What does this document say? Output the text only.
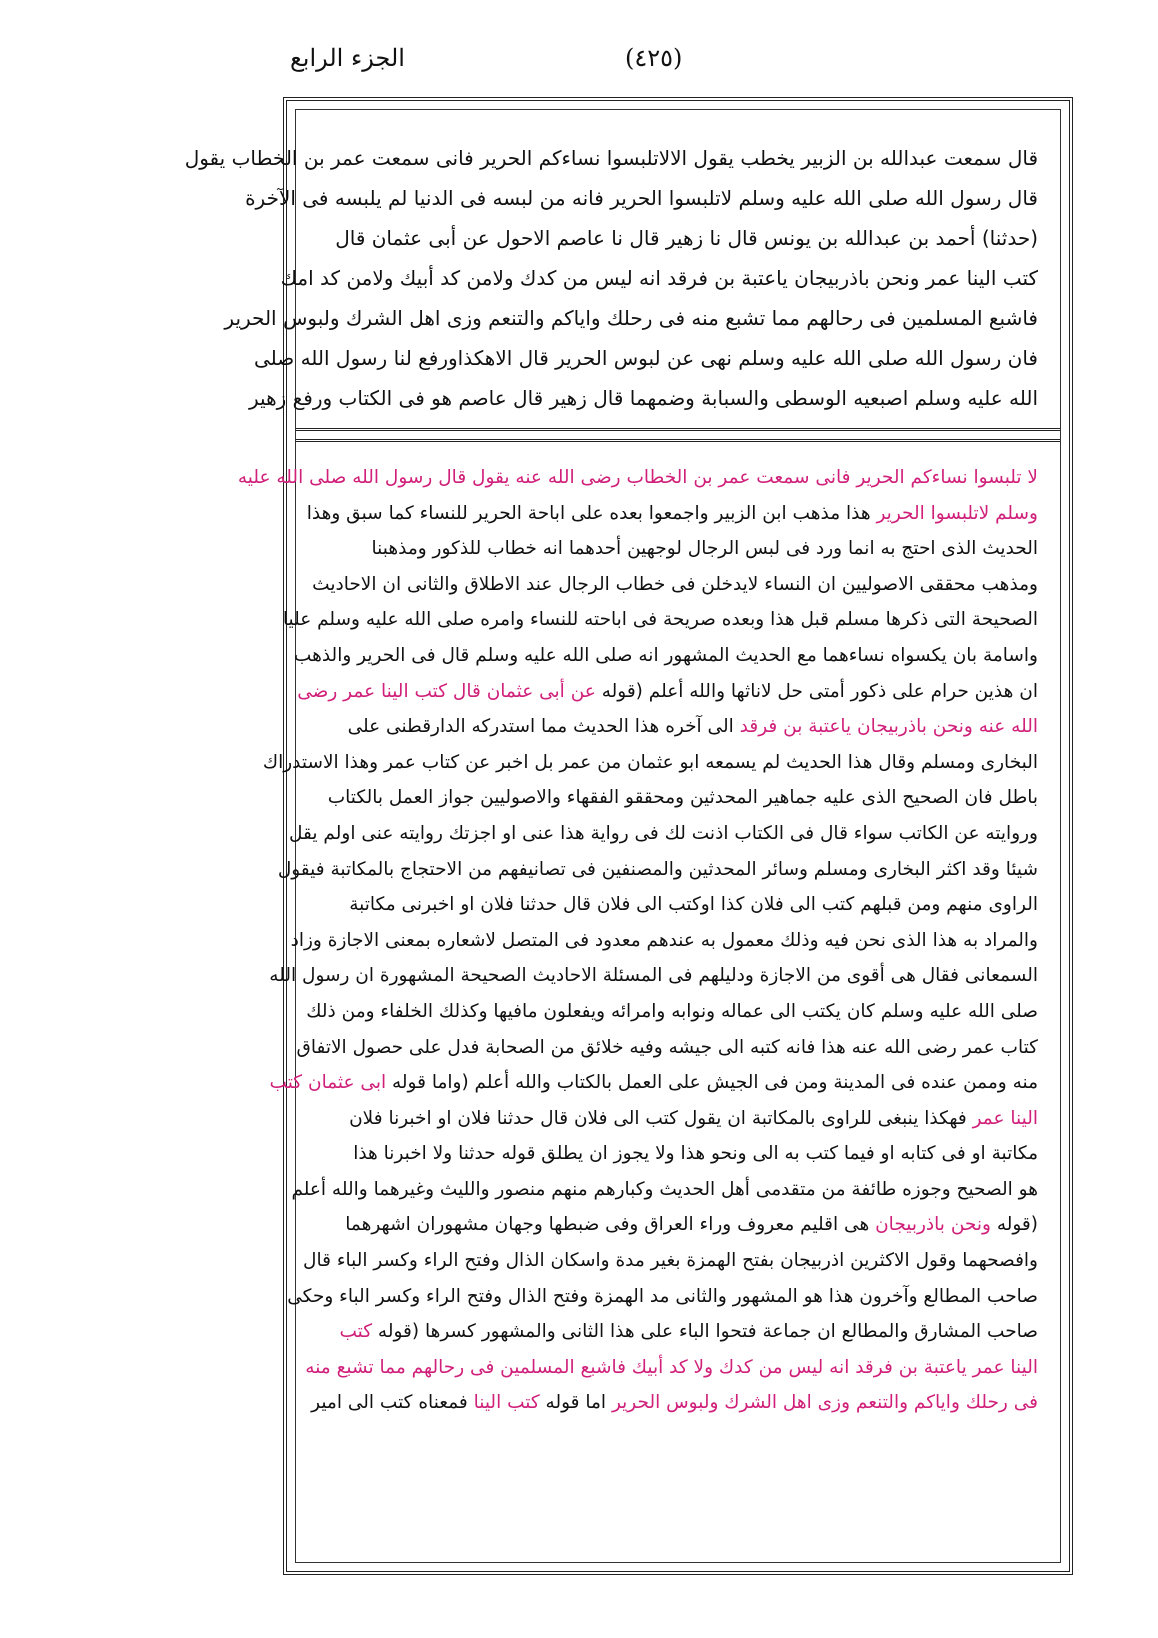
الجزء الرابع	(٤٢٥)
قال سمعت عبدالله بن الزبير يخطب يقول الالاتلبسوا نساءكم الحرير فانى سمعت عمر بن الخطاب يقول
قال رسول الله صلى الله عليه وسلم لاتلبسوا الحرير فانه من لبسه فى الدنيا لم يلبسه فى الآخرة
(حدثنا) أحمد بن عبدالله بن يونس قال نا زهير قال نا عاصم الاحول عن أبى عثمان قال
كتب الينا عمر ونحن باذربيجان ياعتبة بن فرقد انه ليس من كدك ولامن كد أبيك ولامن كد امك
فاشبع المسلمين فى رحالهم مما تشبع منه فى رحلك واياكم والتنعم وزى اهل الشرك ولبوس الحرير
فان رسول الله صلى الله عليه وسلم نهى عن لبوس الحرير قال الاهكذاورفع لنا رسول الله صلى
الله عليه وسلم اصبعيه الوسطى والسبابة وضمهما قال زهير قال عاصم هو فى الكتاب ورفع زهير
لا تلبسوا نساءكم الحرير فانى سمعت عمر بن الخطاب رضى الله عنه يقول قال رسول الله صلى الله عليه
وسلم لاتلبسوا الحرير هذا مذهب ابن الزبير واجمعوا بعده على اباحة الحرير للنساء كما سبق وهذا
الحديث الذى احتج به انما ورد فى لبس الرجال لوجهين أحدهما انه خطاب للذكور ومذهبنا
ومذهب محققى الاصوليين ان النساء لايدخلن فى خطاب الرجال عند الاطلاق والثانى ان الاحاديث
الصحيحة التى ذكرها مسلم قبل هذا وبعده صريحة فى اباحته للنساء وامره صلى الله عليه وسلم عليا
واسامة بان يكسواه نساءهما مع الحديث المشهور انه صلى الله عليه وسلم قال فى الحرير والذهب
ان هذين حرام على ذكور أمتى حل لاناثها والله أعلم (قوله عن أبى عثمان قال كتب الينا عمر رضى
الله عنه ونحن باذربيجان ياعتبة بن فرقد الى آخره هذا الحديث مما استدركه الدارقطنى على
البخارى ومسلم وقال هذا الحديث لم يسمعه ابو عثمان من عمر بل اخبر عن كتاب عمر وهذا الاستدراك
باطل فان الصحيح الذى عليه جماهير المحدثين ومحققو الفقهاء والاصوليين جواز العمل بالكتاب
وروايته عن الكاتب سواء قال فى الكتاب اذنت لك فى رواية هذا عنى او اجزتك روايته عنى اولم يقل
شيئا وقد اكثر البخارى ومسلم وسائر المحدثين والمصنفين فى تصانيفهم من الاحتجاج بالمكاتبة فيقول
الراوى منهم ومن قبلهم كتب الى فلان كذا اوكتب الى فلان قال حدثنا فلان او اخبرنى مكاتبة
والمراد به هذا الذى نحن فيه وذلك معمول به عندهم معدود فى المتصل لاشعاره بمعنى الاجازة وزاد
السمعانى فقال هى أقوى من الاجازة ودليلهم فى المسئلة الاحاديث الصحيحة المشهورة ان رسول الله
صلى الله عليه وسلم كان يكتب الى عماله ونوابه وامرائه ويفعلون مافيها وكذلك الخلفاء ومن ذلك
كتاب عمر رضى الله عنه هذا فانه كتبه الى جيشه وفيه خلائق من الصحابة فدل على حصول الاتفاق
منه وممن عنده فى المدينة ومن فى الجيش على العمل بالكتاب والله أعلم (واما قوله ابى عثمان كتب
الينا عمر فهكذا ينبغى للراوى بالمكاتبة ان يقول كتب الى فلان قال حدثنا فلان او اخبرنا فلان
مكاتبة او فى كتابه او فيما كتب به الى ونحو هذا ولا يجوز ان يطلق قوله حدثنا ولا اخبرنا هذا
هو الصحيح وجوزه طائفة من متقدمى أهل الحديث وكبارهم منهم منصور والليث وغيرهما والله أعلم
(قوله ونحن باذربيجان هى اقليم معروف وراء العراق وفى ضبطها وجهان مشهوران اشهرهما
وافصحهما وقول الاكثرين اذربيجان بفتح الهمزة بغير مدة واسكان الذال وفتح الراء وكسر الباء قال
صاحب المطالع وآخرون هذا هو المشهور والثانى مد الهمزة وفتح الذال وفتح الراء وكسر الباء وحكى
صاحب المشارق والمطالع ان جماعة فتحوا الباء على هذا الثانى والمشهور كسرها (قوله كتب
الينا عمر ياعتبة بن فرقد انه ليس من كدك ولا كد أبيك فاشبع المسلمين فى رحالهم مما تشبع منه
فى رحلك واياكم والتنعم وزى اهل الشرك ولبوس الحرير اما قوله كتب الينا فمعناه كتب الى امير
